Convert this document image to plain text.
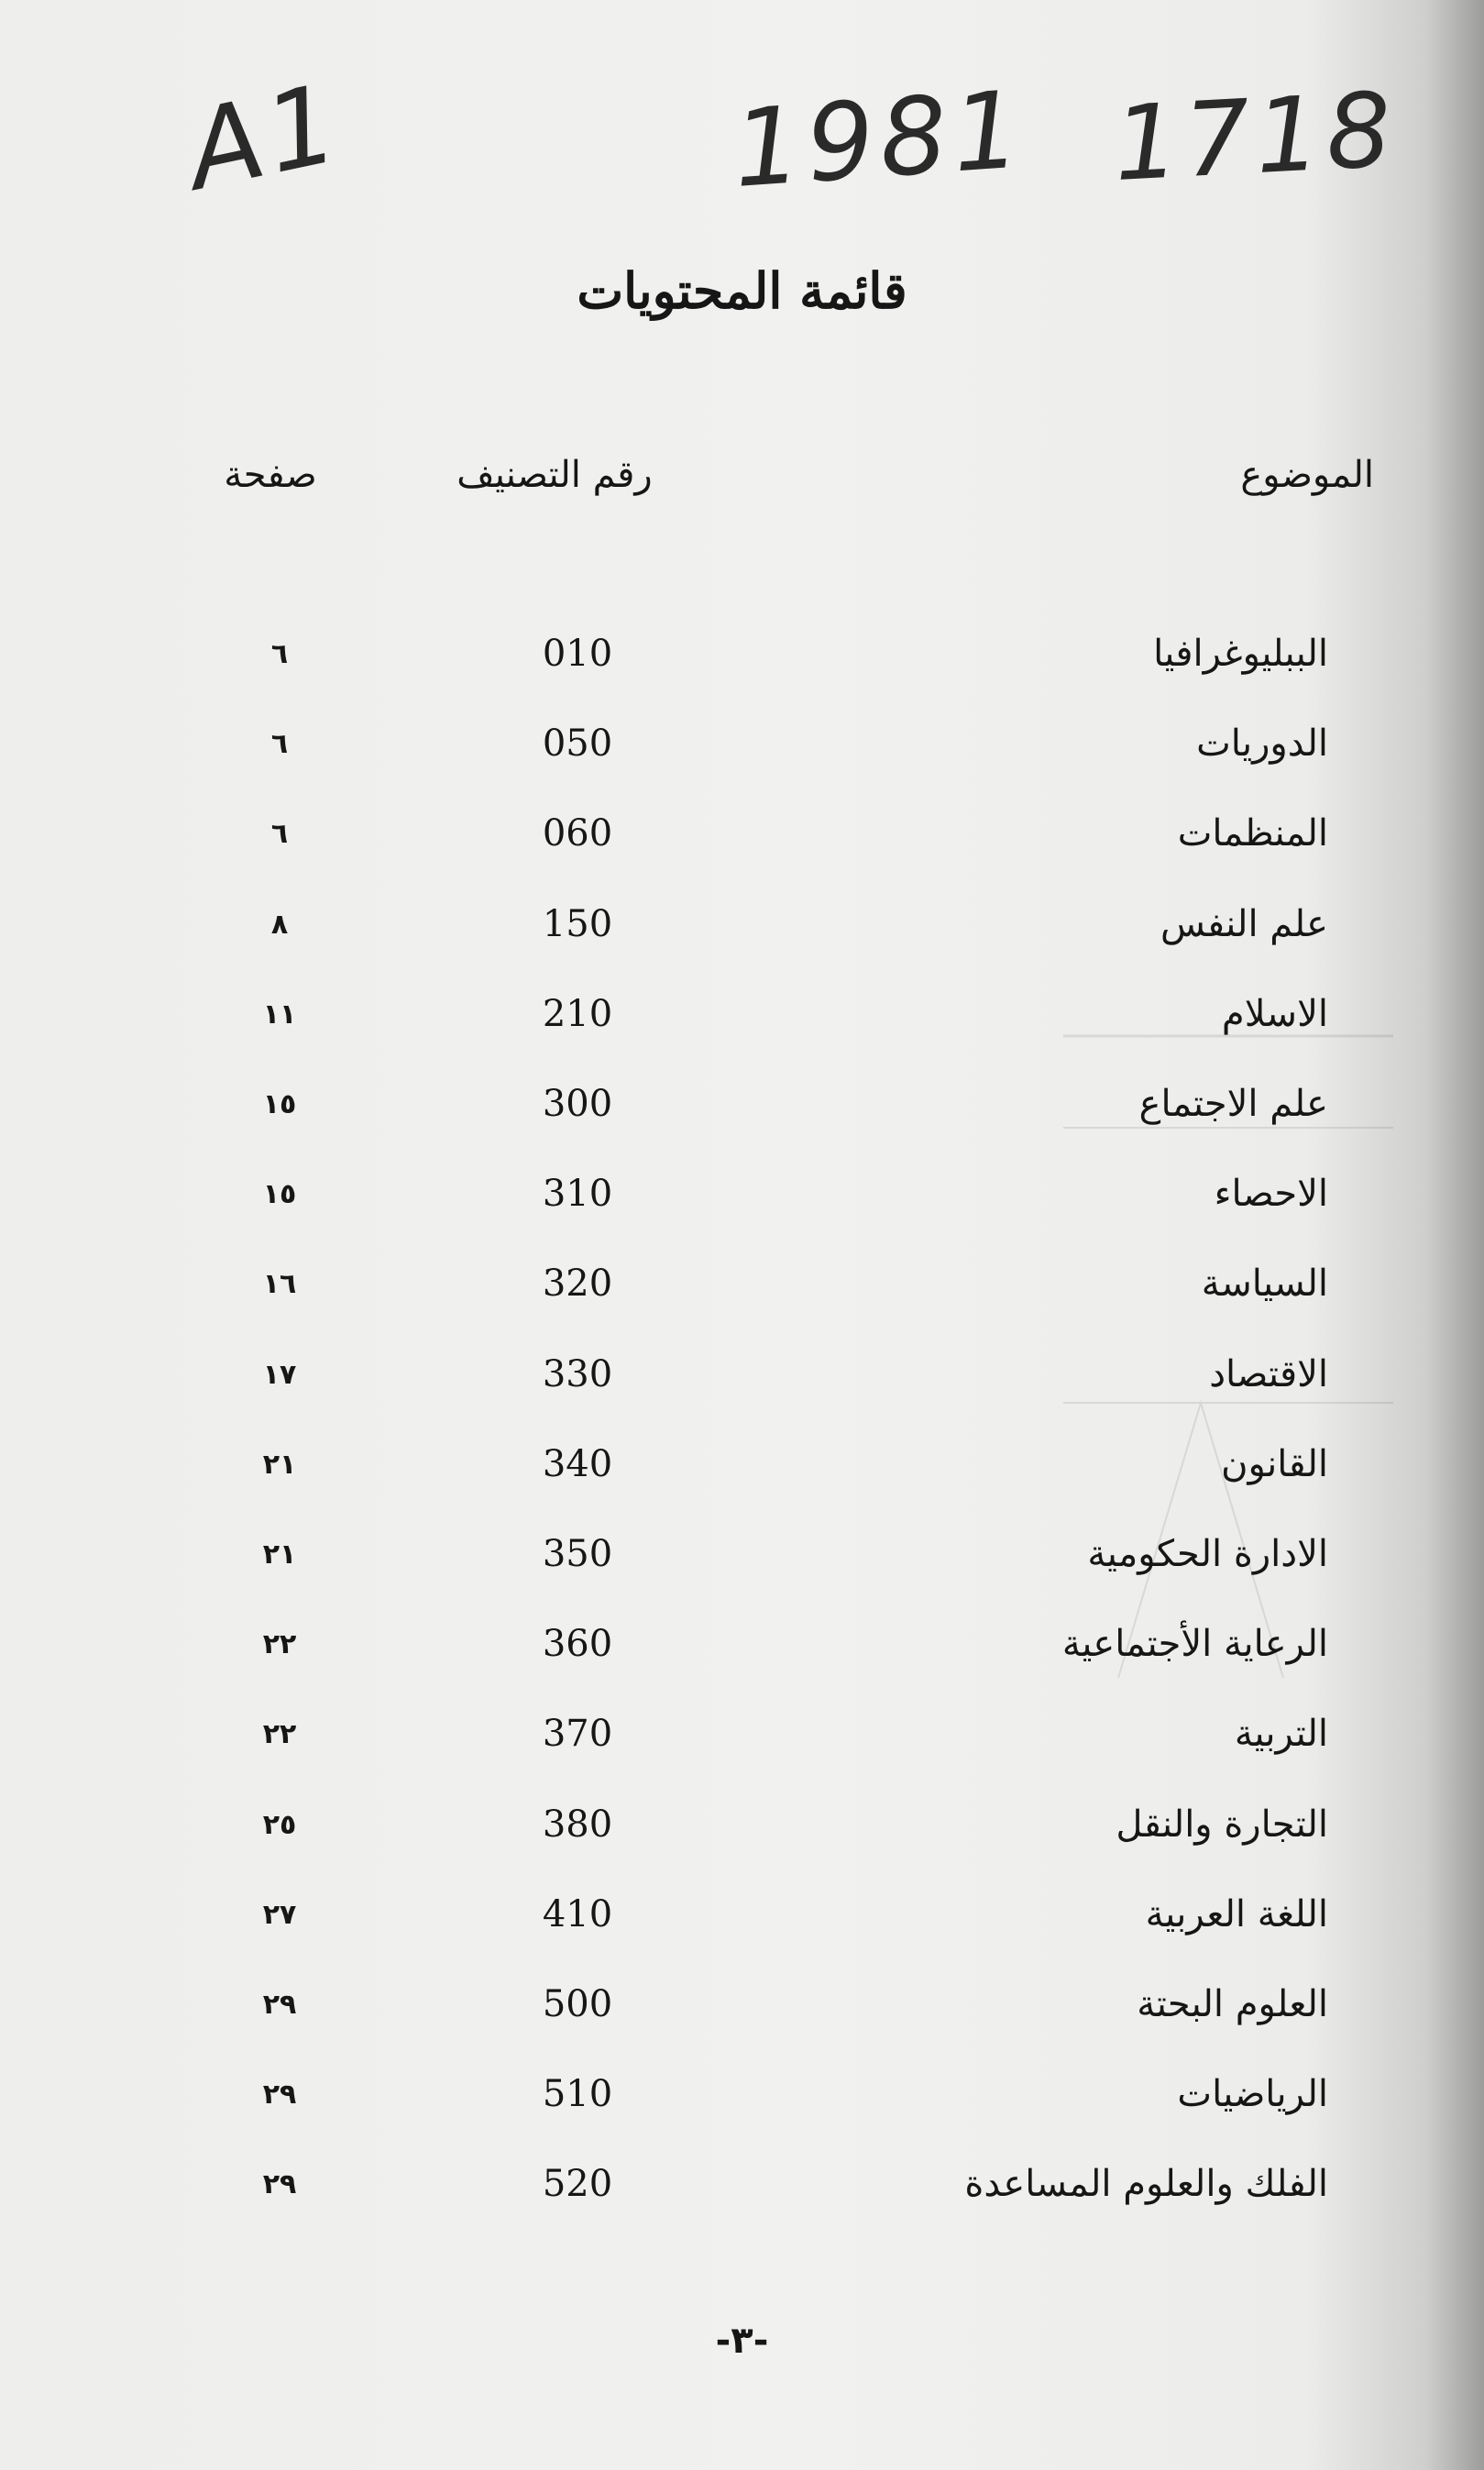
A1	1981 1718
قائمة المحتويات
الموضوع
رقم التصنيف
صفحة
الببليوغرافيا
010
٦
الدوريات
050
٦
المنظمات
060
٦
علم النفس
150
٨
الاسلام
210
١١
علم الاجتماع
300
١٥
الاحصاء
310
١٥
السياسة
320
١٦
الاقتصاد
330
١٧
القانون
340
٢١
الادارة الحكومية
350
٢١
الرعاية الأجتماعية
360
٢٢
التربية
370
٢٢
التجارة والنقل
380
٢٥
اللغة العربية
410
٢٧
العلوم البحتة
500
٢٩
الرياضيات
510
٢٩
الفلك والعلوم المساعدة
520
٢٩
-٣-
